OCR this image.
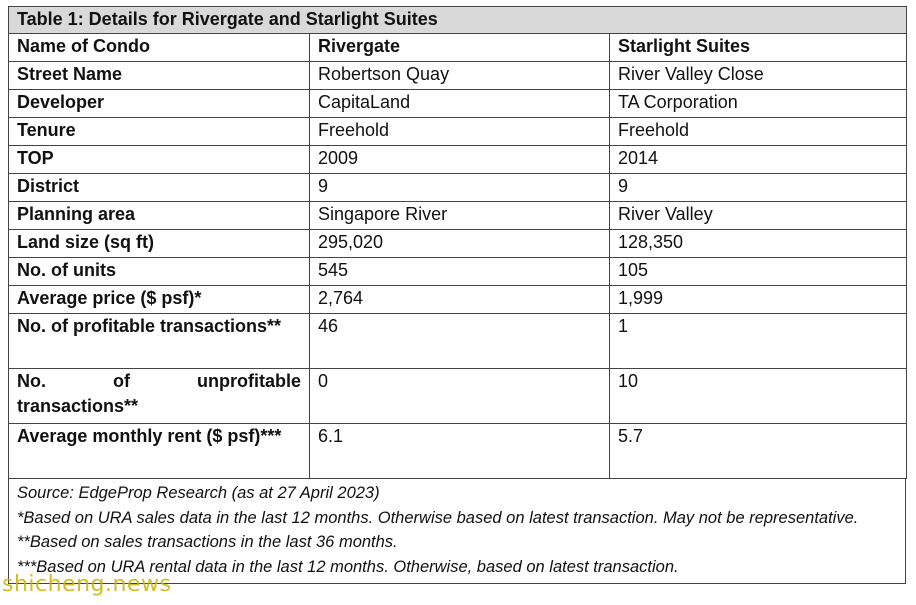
Table 1: Details for Rivergate and Starlight Suites		
Name of Condo	Rivergate	Starlight Suites
Street Name	Robertson Quay	River Valley Close
Developer	CapitaLand	TA Corporation
Tenure	Freehold	Freehold
TOP	2009	2014
District	9	9
Planning area	Singapore River	River Valley
Land size (sq ft)	295,020	128,350
No. of units	545	105
Average price ($ psf)*	2,764	1,999
No. of profitable transactions**	46	1
No. of unprofitable transactions**	0	10
Average monthly rent ($ psf)***	6.1	5.7

Source: EdgeProp Research (as at 27 April 2023)

*Based on URA sales data in the last 12 months. Otherwise based on latest transaction. May not be representative.

**Based on sales transactions in the last 36 months.

***Based on URA rental data in the last 12 months. Otherwise, based on latest transaction.

shicheng.news
